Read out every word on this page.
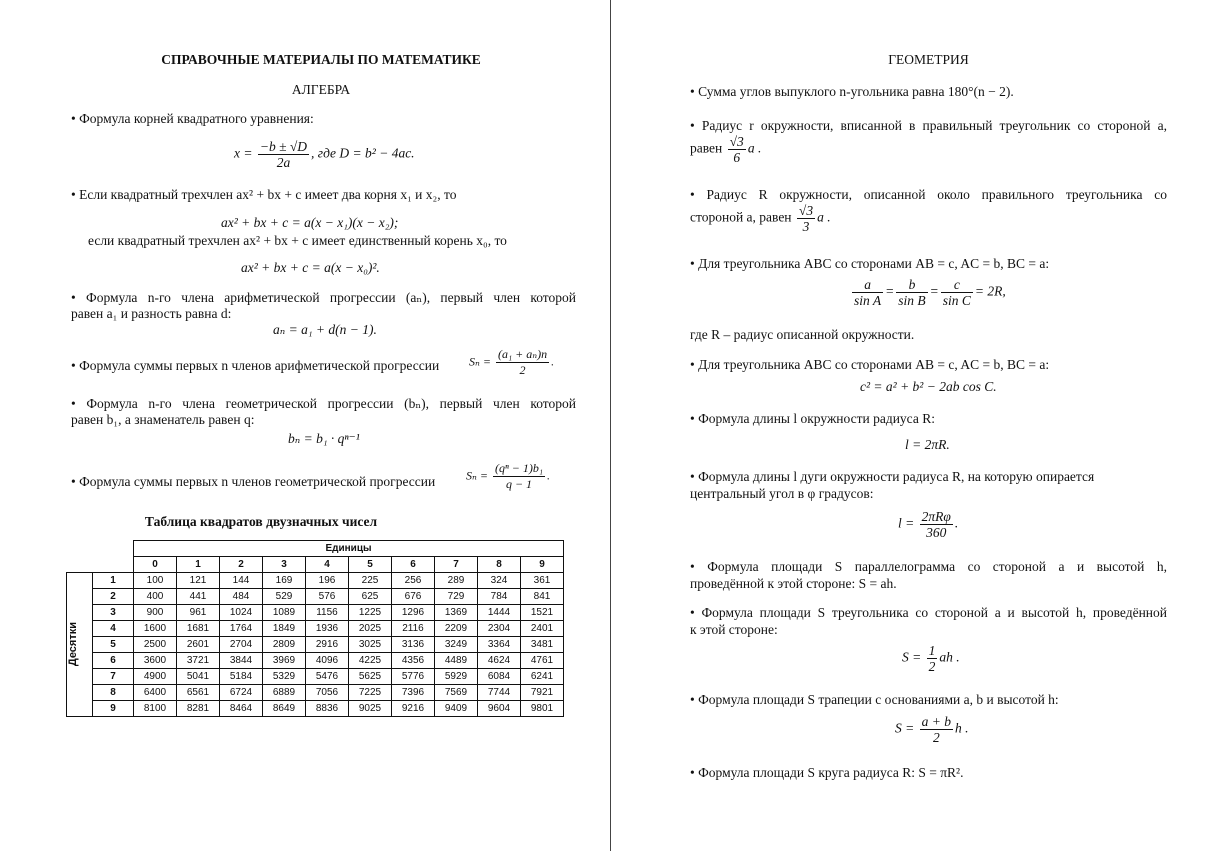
СПРАВОЧНЫЕ МАТЕРИАЛЫ ПО МАТЕМАТИКЕ
АЛГЕБРА
• Формула корней квадратного уравнения:
$x = \frac{-b \pm √D}{2a}$ , где D = b² − 4ac.
• Если квадратный трехчлен ax² + bx + c имеет два корня x₁ и x₂, то
ax² + bx + c = a(x − x₁)(x − x₂);
если квадратный трехчлен ax² + bx + c имеет единственный корень x₀, то
ax² + bx + c = a(x − x₀)².
• Формула n-го члена арифметической прогрессии (aₙ), первый член которой
равен a₁ и разность равна d:
aₙ = a₁ + d(n − 1).
• Формула суммы первых n членов арифметической прогрессии $S_n = \frac{\text{(a₁ + aₙ)n}}{2}$ .
• Формула n-го члена геометрической прогрессии (bₙ), первый член которой
равен b₁, а знаменатель равен q:
bₙ = b₁ · qⁿ⁻¹
• Формула суммы первых n членов геометрической прогрессии	$S_n = \frac{\text{(qⁿ − 1)b₁}}{q - 1}$ .
Таблица квадратов двузначных чисел
		Единицы									
		0	1	2	3	4	5	6	7	8	9

Десятки	1	100	121	144	169	196	225	256	289	324	361
	2	400	441	484	529	576	625	676	729	784	841
	3	900	961	1024	1089	1156	1225	1296	1369	1444	1521
	4	1600	1681	1764	1849	1936	2025	2116	2209	2304	2401
	5	2500	2601	2704	2809	2916	3025	3136	3249	3364	3481
	6	3600	3721	3844	3969	4096	4225	4356	4489	4624	4761
	7	4900	5041	5184	5329	5476	5625	5776	5929	6084	6241
	8	6400	6561	6724	6889	7056	7225	7396	7569	7744	7921
	9	8100	8281	8464	8649	8836	9025	9216	9409	9604	9801
ГЕОМЕТРИЯ
• Сумма углов выпуклого n-угольника равна 180°(n − 2).
• Радиус r окружности, вписанной в правильный треугольник со стороной a,
равен $\frac{√3}{6}$ a .
• Радиус R окружности, описанной около правильного треугольника со
стороной a, равен $\frac{√3}{3}$ a .
• Для треугольника ABC со сторонами AB = c, AC = b, BC = a:
$\frac{a}{\text{sin A}} = \frac{b}{\text{sin B}} = \frac{c}{\text{sin C}} = 2R$,
где R – радиус описанной окружности.
• Для треугольника ABC со сторонами AB = c, AC = b, BC = a:
c² = a² + b² − 2ab cos C.
• Формула длины l окружности радиуса R:
l = 2πR.
• Формула длины l дуги окружности радиуса R, на которую опирается
центральный угол в φ градусов:
l = 2πRφ
360
.
• Формула площади S параллелограмма со стороной a и высотой h,
проведённой к этой стороне: S = ah.
• Формула площади S треугольника со стороной a и высотой h, проведённой
к этой стороне:
$S = \frac{1}{2}$ ah .
• Формула площади S трапеции с основаниями a, b и высотой h:
$S = \frac{a + b}{2}$ h .
• Формула площади S круга радиуса R: S = πR².
